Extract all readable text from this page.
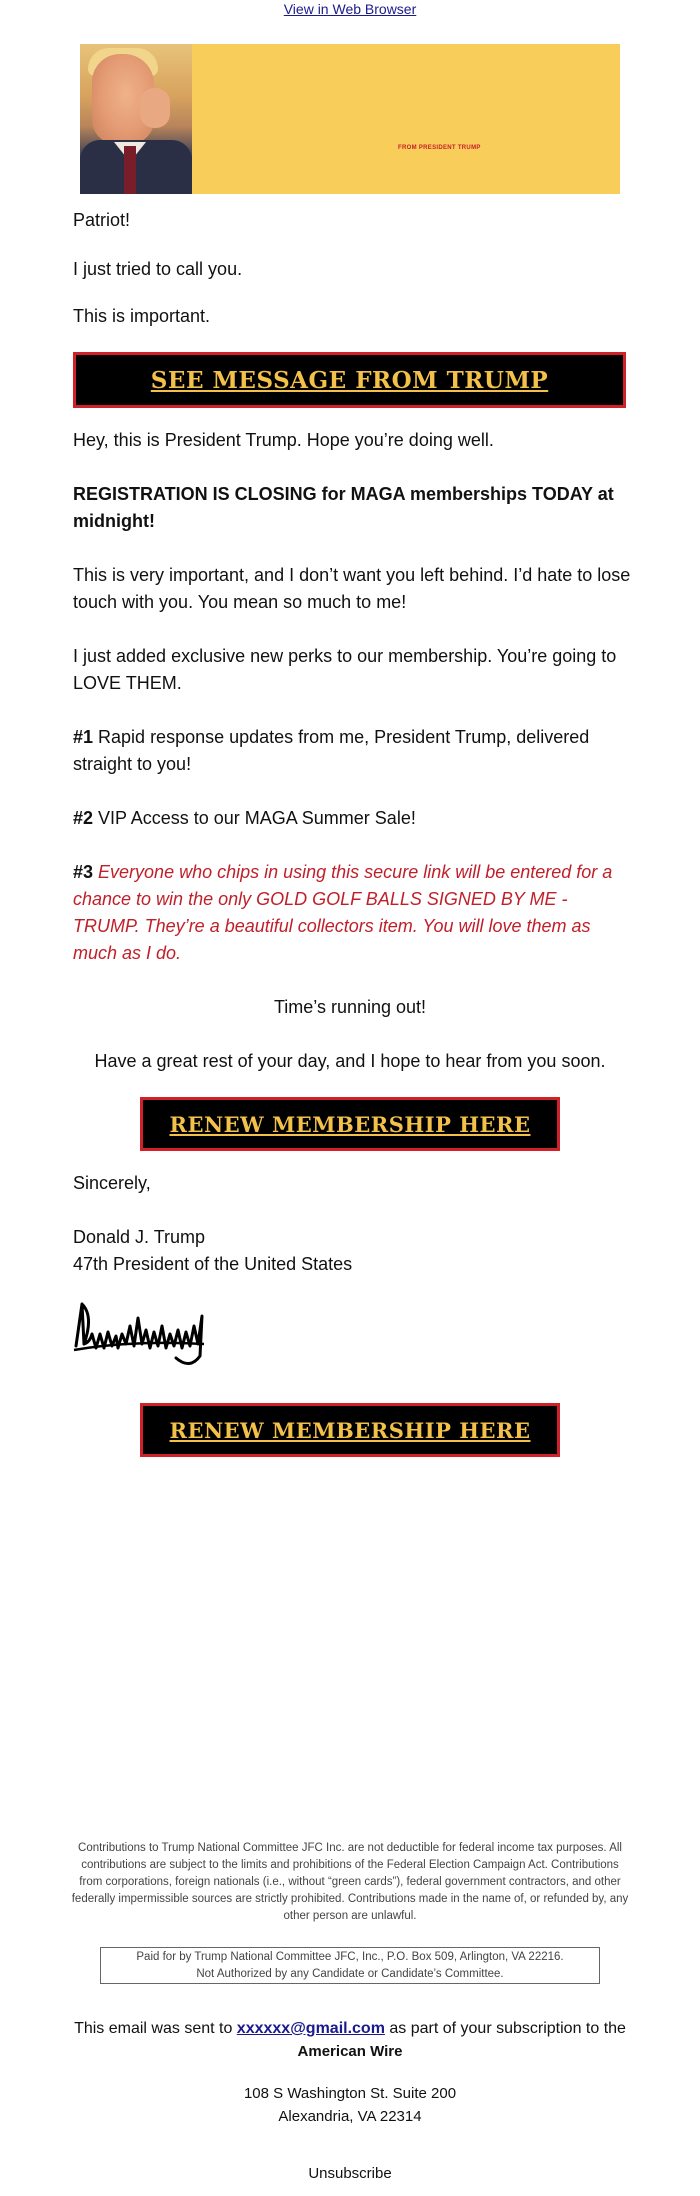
View in Web Browser
FROM PRESIDENT TRUMP
Patriot!
I just tried to call you.
This is important.
SEE MESSAGE FROM TRUMP
Hey, this is President Trump. Hope you’re doing well.
REGISTRATION IS CLOSING for MAGA memberships TODAY at midnight!
This is very important, and I don’t want you left behind. I’d hate to lose touch with you. You mean so much to me!
I just added exclusive new perks to our membership. You’re going to LOVE THEM.
#1 Rapid response updates from me, President Trump, delivered straight to you!
#2 VIP Access to our MAGA Summer Sale!
#3 Everyone who chips in using this secure link will be entered for a chance to win the only GOLD GOLF BALLS SIGNED BY ME - TRUMP. They’re a beautiful collectors item. You will love them as much as I do.
Time’s running out!
Have a great rest of your day, and I hope to hear from you soon.
RENEW MEMBERSHIP HERE
Sincerely,
Donald J. Trump
47th President of the United States
RENEW MEMBERSHIP HERE
Contributions to Trump National Committee JFC Inc. are not deductible for federal income tax purposes. All contributions are subject to the limits and prohibitions of the Federal Election Campaign Act. Contributions from corporations, foreign nationals (i.e., without “green cards”), federal government contractors, and other federally impermissible sources are strictly prohibited. Contributions made in the name of, or refunded by, any other person are unlawful.
Paid for by Trump National Committee JFC, Inc., P.O. Box 509, Arlington, VA 22216.
Not Authorized by any Candidate or Candidate’s Committee.
This email was sent to xxxxxx@gmail.com as part of your subscription to the
American Wire
108 S Washington St. Suite 200
Alexandria, VA 22314
Unsubscribe
